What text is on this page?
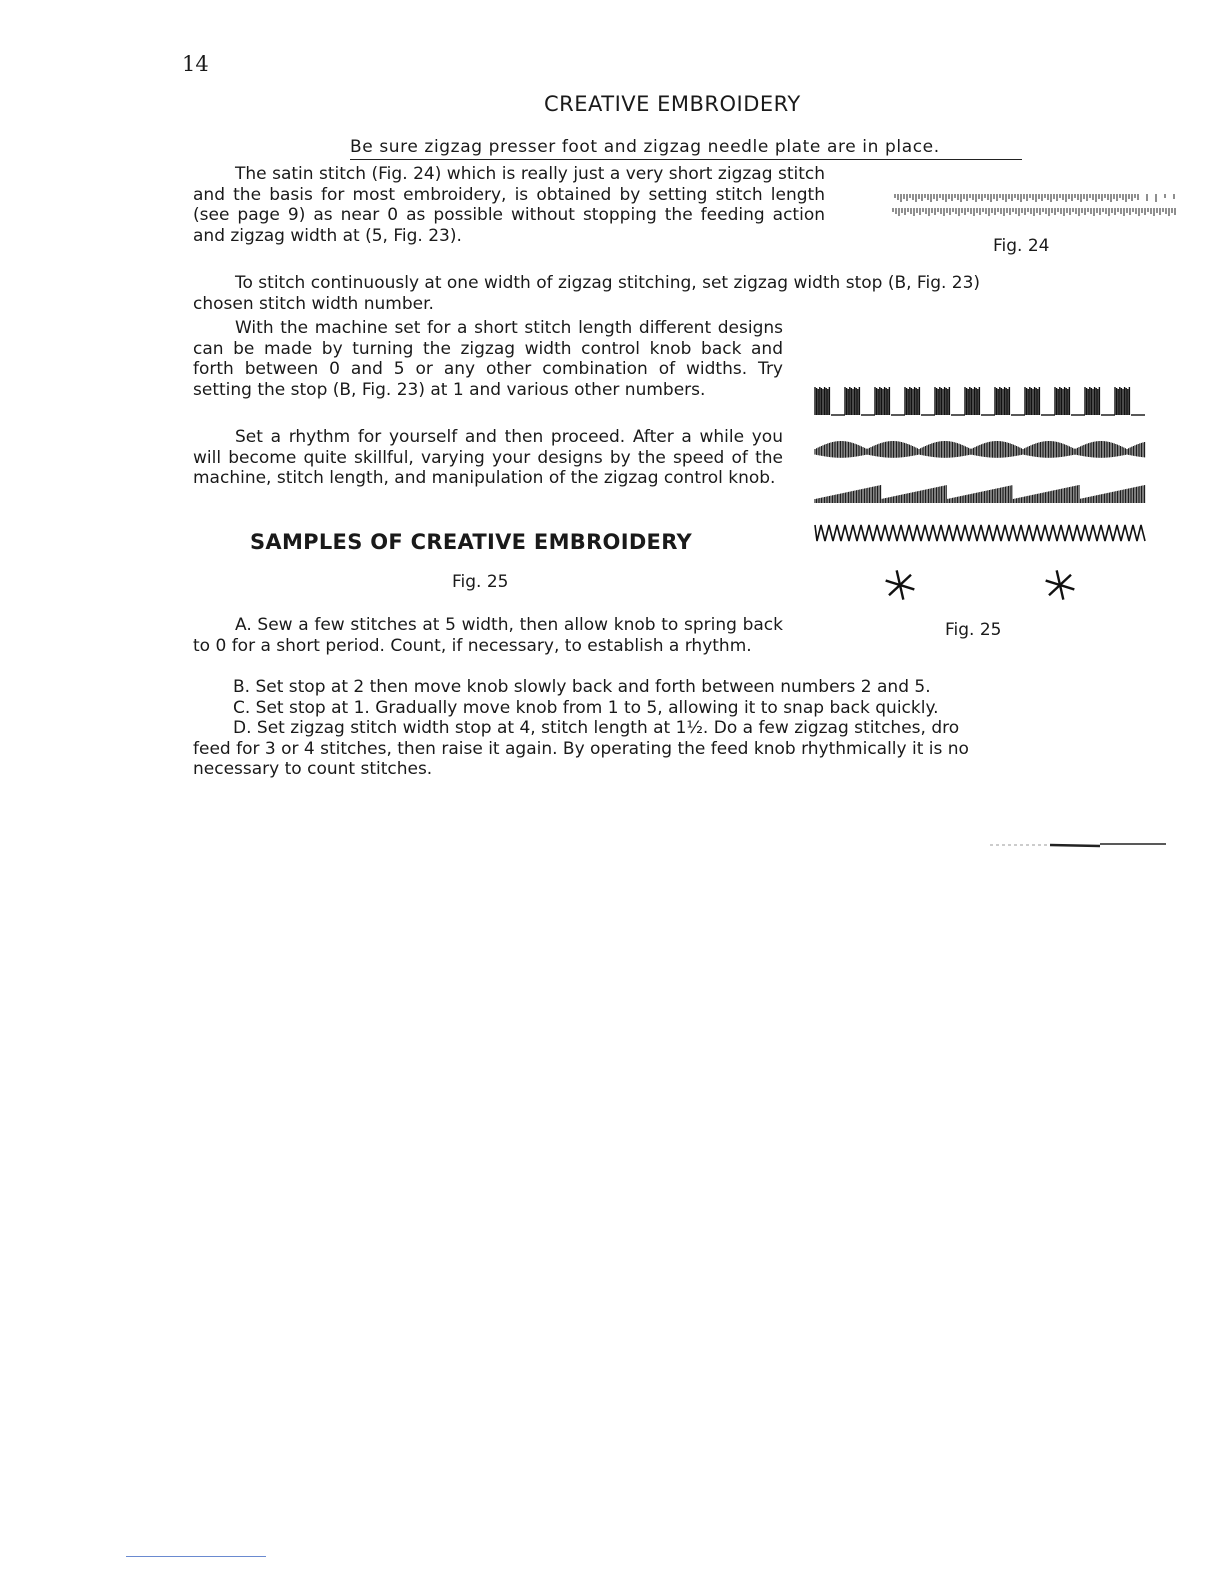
14
CREATIVE EMBROIDERY
Be sure zigzag presser foot and zigzag needle plate are in place.

The satin stitch (Fig. 24) which is really just a very short zigzag stitch and the basis for most embroidery, is obtained by setting stitch length (see page 9) as near 0 as possible without stopping the feeding action and zigzag width at (5, Fig. 23).

To stitch continuously at one width of zigzag stitching, set zigzag width stop (B, Fig. 23)

chosen stitch width number.

With the machine set for a short stitch length different designs can be made by turning the zigzag width control knob back and forth between 0 and 5 or any other combination of widths. Try setting the stop (B, Fig. 23) at 1 and various other numbers.

Set a rhythm for yourself and then proceed. After a while you will become quite skillful, varying your designs by the speed of the machine, stitch length, and manipulation of the zigzag control knob.

SAMPLES OF CREATIVE EMBROIDERY
Fig. 25

A. Sew a few stitches at 5 width, then allow knob to spring back to 0 for a short period. Count, if necessary, to establish a rhythm.

B. Set stop at 2 then move knob slowly back and forth between numbers 2 and 5.

C. Set stop at 1. Gradually move knob from 1 to 5, allowing it to snap back quickly.

D. Set zigzag stitch width stop at 4, stitch length at 1½. Do a few zigzag stitches, dro

feed for 3 or 4 stitches, then raise it again. By operating the feed knob rhythmically it is no

necessary to count stitches.

Fig. 24
Fig. 25
